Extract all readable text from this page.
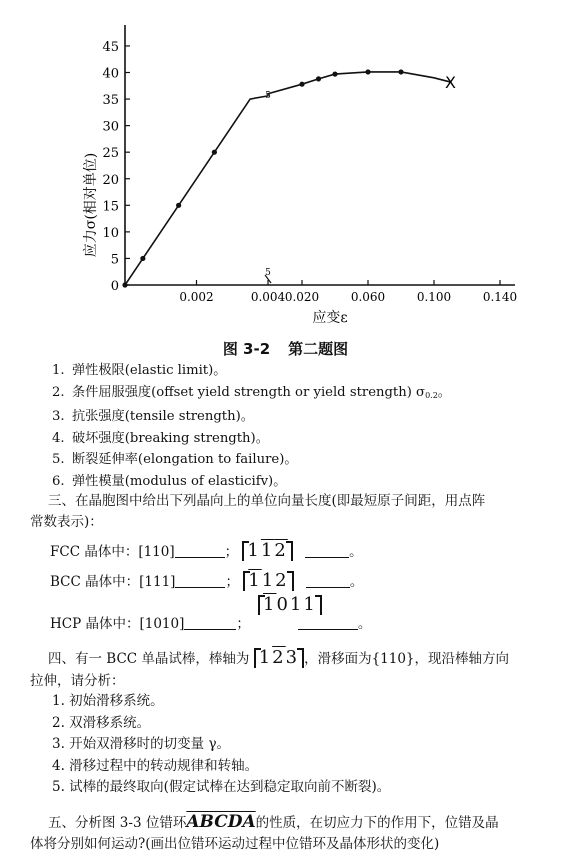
0
5
10
15
20
25
30
35
40
45
0.002	0.004 0.020	0.060	0.100	0.140
5
5
X
应力σ(相对单位)
应变ε
图 3-2 第二题图
1. 弹性极限(elastic limit)。
2. 条件屈服强度(offset yield strength or yield strength) $\sigma_{0.2}$。
3. 抗张强度(tensile strength)。
4. 破坏强度(breaking strength)。
5. 断裂延伸率(elongation to failure)。
6. 弹性模量(modulus of elasticifv)。
三、在晶胞图中给出下列晶向上的单位向量长度(即最短原子间距，用点阵
常数表示)：
FCC 晶体中：[110]	； 112	。
BCC 晶体中：[111]	； 112	。
1011
HCP 晶体中：[1010]	；	。
四、有一 BCC 单晶试棒，棒轴为 123 ，滑移面为{110}，现沿棒轴方向
拉伸，请分析：
1. 初始滑移系统。
2. 双滑移系统。
3. 开始双滑移时的切变量 γ。
4. 滑移过程中的转动规律和转轴。
5. 试棒的最终取向(假定试棒在达到稳定取向前不断裂)。
五、分析图 3-3 位错环ABCDA的性质，在切应力下的作用下，位错及晶
体将分别如何运动?(画出位错环运动过程中位错环及晶体形状的变化)
